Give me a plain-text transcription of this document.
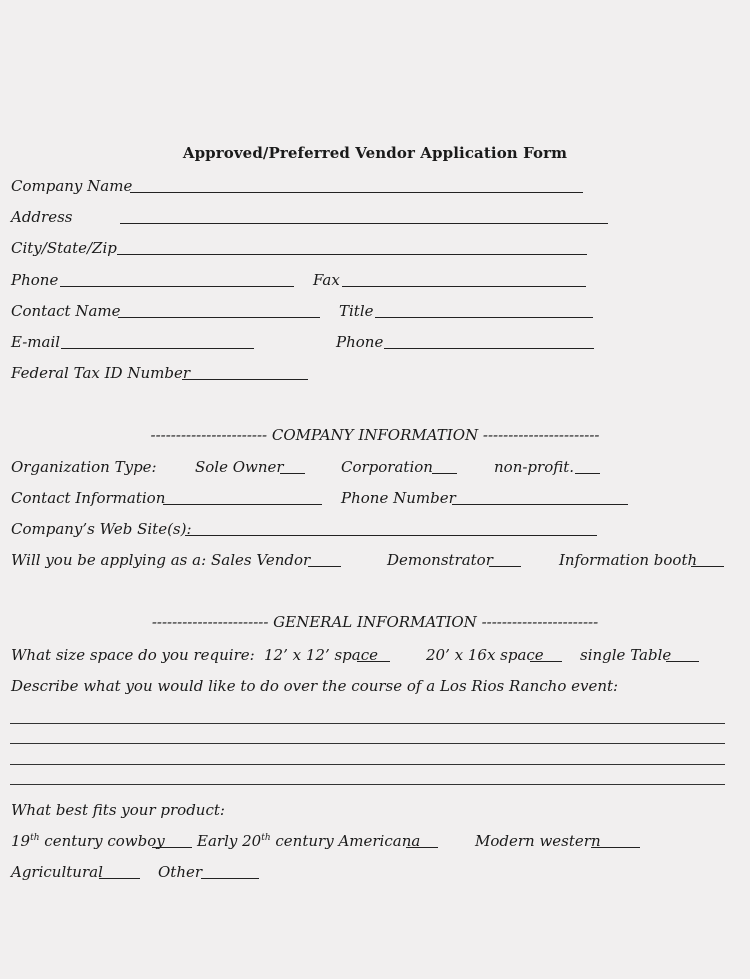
Approved/Preferred Vendor Application Form
Company Name
Address
City/State/Zip
Phone	Fax
Contact Name	Title
E-mail	Phone
Federal Tax ID Number
----------------------- COMPANY INFORMATION -----------------------
Organization Type:	Sole Owner	Corporation	non-profit.
Contact Information	Phone Number
Company’s Web Site(s):
Will you be applying as a: Sales Vendor	Demonstrator	Information booth
----------------------- GENERAL INFORMATION -----------------------
What size space do you require: 12’ x 12’ space	20’ x 16x space single Table
Describe what you would like to do over the course of a Los Rios Rancho event:
What best fits your product:
19th century cowboy Early 20th century Americana	Modern western
Agricultural	Other
